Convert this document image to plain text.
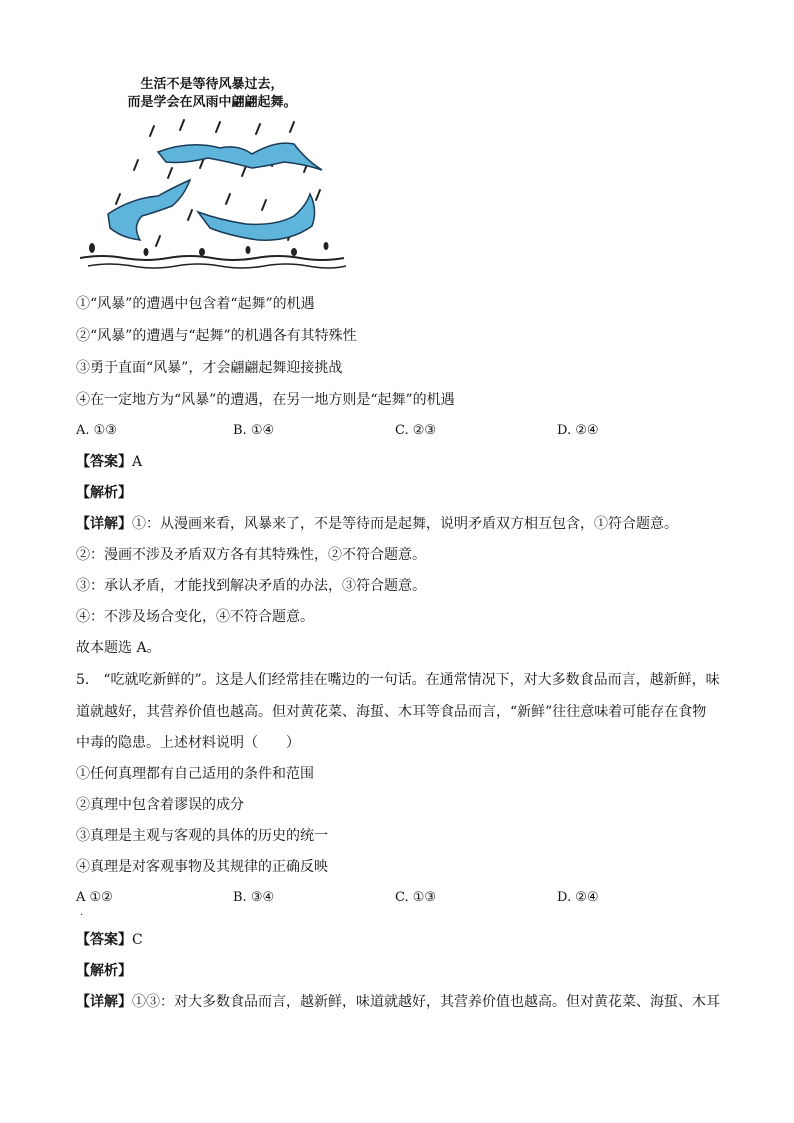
生活不是等待风暴过去，
而是学会在风雨中翩翩起舞。
①“风暴”的遭遇中包含着“起舞”的机遇
②“风暴”的遭遇与“起舞”的机遇各有其特殊性
③勇于直面“风暴”，才会翩翩起舞迎接挑战
④在一定地方为“风暴”的遭遇，在另一地方则是“起舞”的机遇
A. ①③	B. ①④	C. ②③	D. ②④
【答案】A
【解析】
【详解】①：从漫画来看，风暴来了，不是等待而是起舞，说明矛盾双方相互包含，①符合题意。
②：漫画不涉及矛盾双方各有其特殊性，②不符合题意。
③：承认矛盾，才能找到解决矛盾的办法，③符合题意。
④：不涉及场合变化，④不符合题意。
故本题选 A。
5.　“吃就吃新鲜的”。这是人们经常挂在嘴边的一句话。在通常情况下，对大多数食品而言，越新鲜，味
道就越好，其营养价值也越高。但对黄花菜、海蜇、木耳等食品而言，“新鲜”往往意味着可能存在食物
中毒的隐患。上述材料说明（　　）
①任何真理都有自己适用的条件和范围
②真理中包含着谬误的成分
③真理是主观与客观的具体的历史的统一
④真理是对客观事物及其规律的正确反映
A ①②	B. ③④	C. ①③	D. ②④
·
【答案】C
【解析】
【详解】①③：对大多数食品而言，越新鲜，味道就越好，其营养价值也越高。但对黄花菜、海蜇、木耳
